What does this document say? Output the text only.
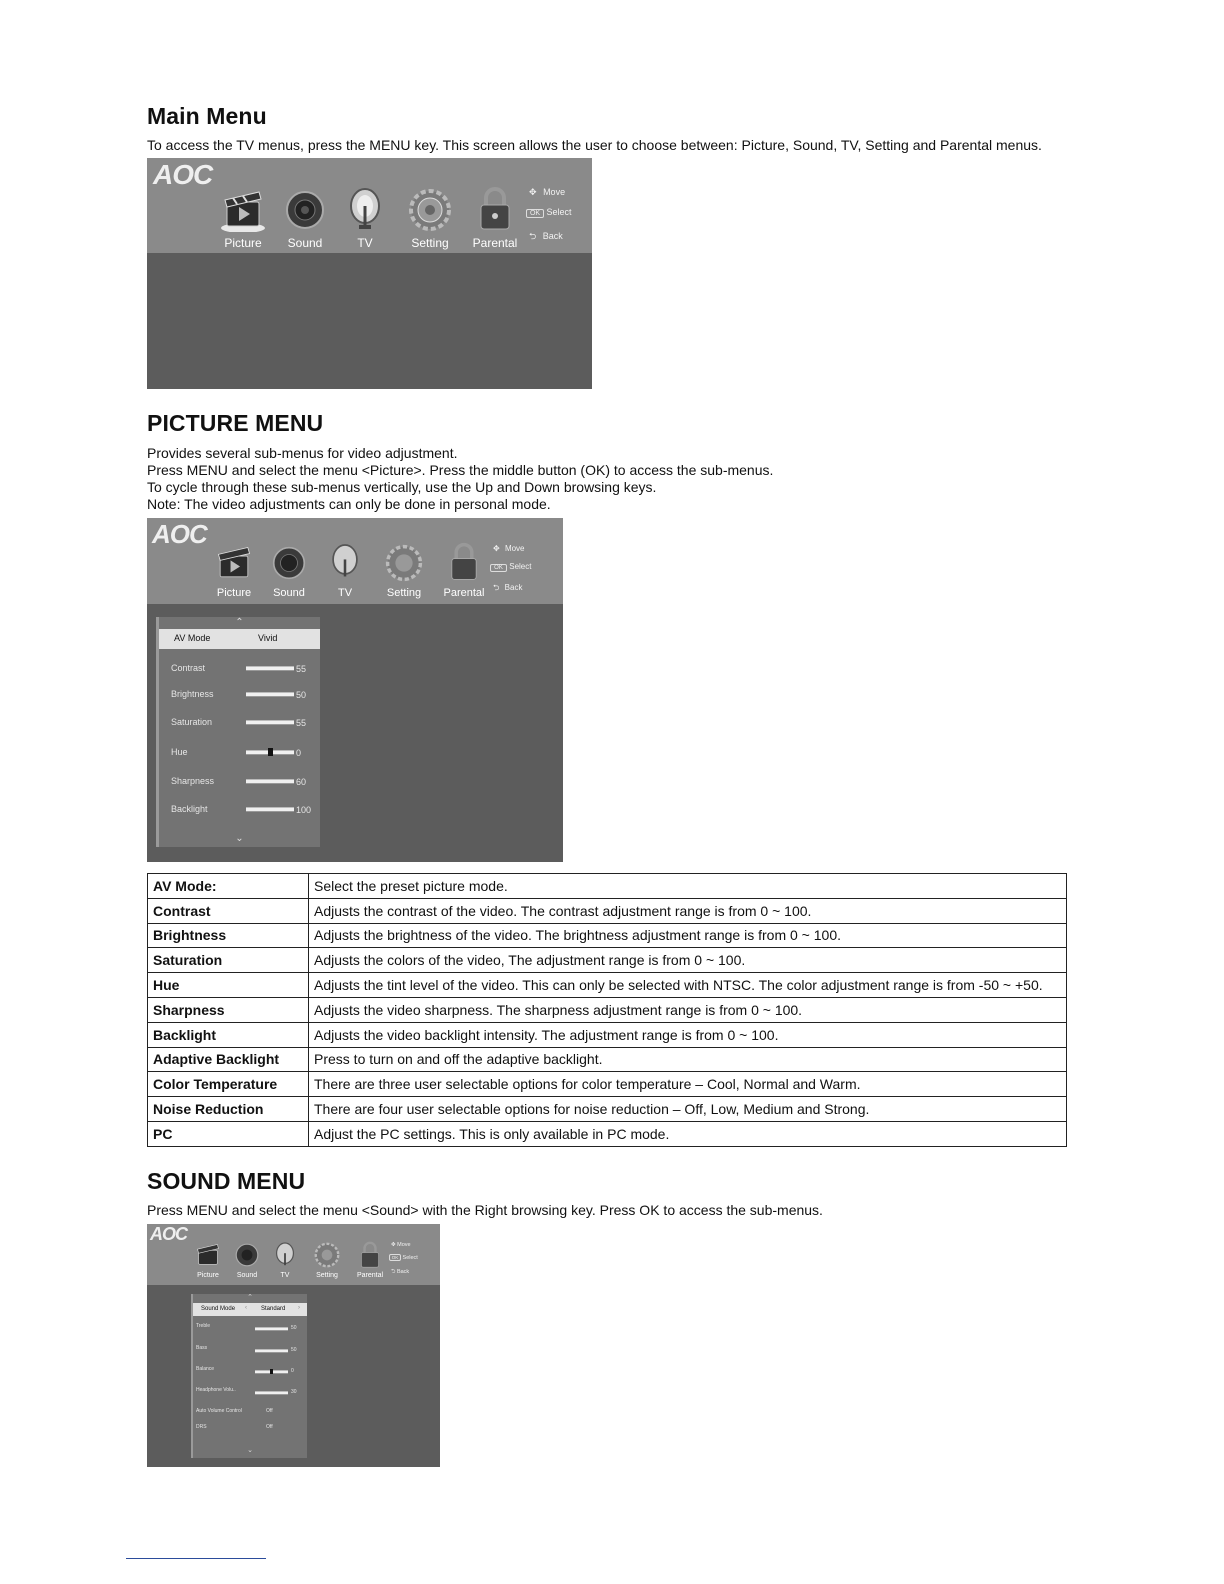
Main Menu

To access the TV menus, press the MENU key. This screen allows the user to choose between: Picture, Sound, TV, Setting and Parental menus.

AOC
Picture	Sound	TV	Setting	Parental
✥ Move
OK Select
⮌ Back
PICTURE MENU

Provides several sub-menus for video adjustment.

Press MENU and select the menu <Picture>. Press the middle button (OK) to access the sub-menus.

To cycle through these sub-menus vertically, use the Up and Down browsing keys.

Note: The video adjustments can only be done in personal mode.

AOC
Picture	Sound	TV	Setting	Parental
✥ Move
OK Select
⮌ Back
⌃
AV Mode	Vivid
Contrast	55
Brightness	50
Saturation	55
Hue	0
Sharpness	60
Backlight	100
⌄
AV Mode:	Select the preset picture mode.
Contrast	Adjusts the contrast of the video. The contrast adjustment range is from 0 ~ 100.
Brightness	Adjusts the brightness of the video. The brightness adjustment range is from 0 ~ 100.
Saturation	Adjusts the colors of the video, The adjustment range is from 0 ~ 100.
Hue	Adjusts the tint level of the video. This can only be selected with NTSC. The color adjustment range is from -50 ~ +50.
Sharpness	Adjusts the video sharpness. The sharpness adjustment range is from 0 ~ 100.
Backlight	Adjusts the video backlight intensity. The adjustment range is from 0 ~ 100.
Adaptive Backlight	Press to turn on and off the adaptive backlight.
Color Temperature	There are three user selectable options for color temperature – Cool, Normal and Warm.
Noise Reduction	There are four user selectable options for noise reduction – Off, Low, Medium and Strong.
PC	Adjust the PC settings. This is only available in PC mode.
SOUND MENU

Press MENU and select the menu <Sound> with the Right browsing key. Press OK to access the sub-menus.

AOC
Picture	Sound	TV	Setting	Parental
✥ Move
OK Select
⮌ Back
⌃
Sound Mode ‹ Standard ›
Treble	50
Bass	50
Balance	0
Headphone Volu..	30
Auto Volume Control	Off
DRS	Off
⌄
